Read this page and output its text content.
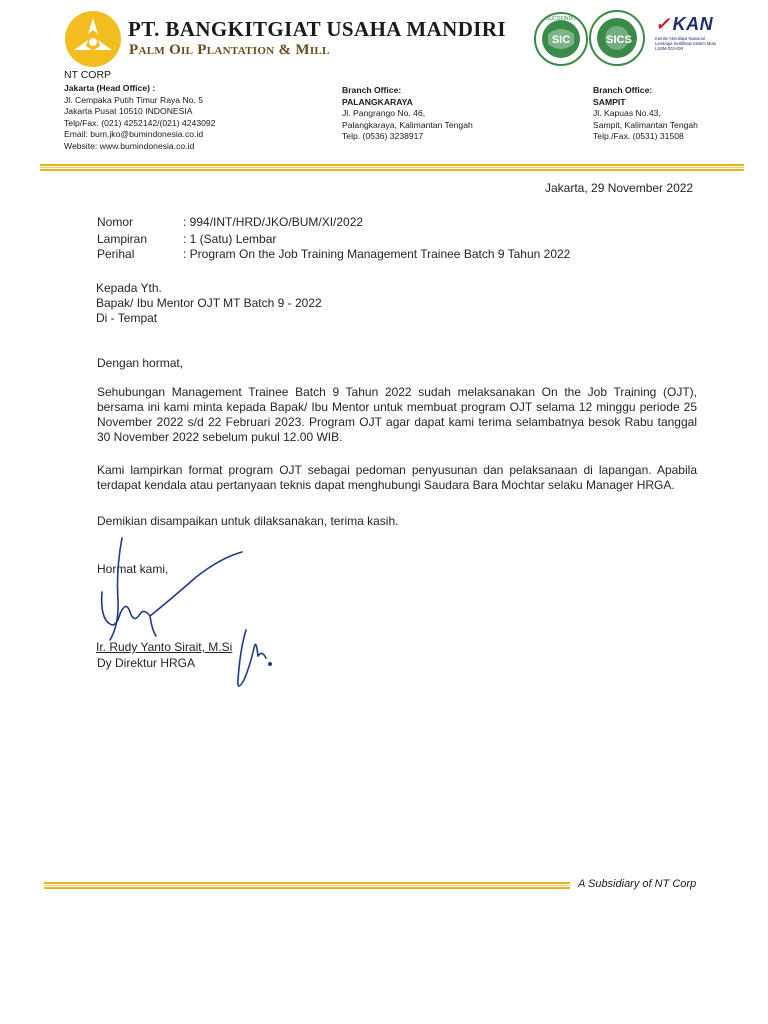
PT. BANGKITGIAT USAHA MANDIRI
Palm Oil Plantation & Mill
NT CORP
Jakarta (Head Office) :
Jl. Cempaka Putih Timur Raya No. 5
Jakarta Pusat 10510 INDONESIA
Telp/Fax. (021) 4252142/(021) 4243092
Email: bum.jko@bumindonesia.co.id
Website: www.bumindonesia.co.id
Branch Office:
PALANGKARAYA
Jl. Pangrango No. 46,
Palangkaraya, Kalimantan Tengah
Telp. (0536) 3238917
Branch Office:
SAMPIT
Jl. Kapuas No.43,
Sampit, Kalimantan Tengah
Telp./Fax. (0531) 31508
SIC
SUCOFINDO
SICS
✓ KAN
Komite Akreditasi Nasional
Lembaga Sertifikasi Sistem Mutu
LSSM-002-IDN
Jakarta, 29 November 2022
Nomor	: 994/INT/HRD/JKO/BUM/XI/2022
Lampiran	: 1 (Satu) Lembar
Perihal	: Program On the Job Training Management Trainee Batch 9 Tahun 2022
Kepada Yth.
Bapak/ Ibu Mentor OJT MT Batch 9 - 2022
Di - Tempat
Dengan hormat,
Sehubungan Management Trainee Batch 9 Tahun 2022 sudah melaksanakan On the Job Training (OJT), bersama ini kami minta kepada Bapak/ Ibu Mentor untuk membuat program OJT selama 12 minggu periode 25 November 2022 s/d 22 Februari 2023. Program OJT agar dapat kami terima selambatnya besok Rabu tanggal 30 November 2022 sebelum pukul 12.00 WIB.
Kami lampirkan format program OJT sebagai pedoman penyusunan dan pelaksanaan di lapangan. Apabila terdapat kendala atau pertanyaan teknis dapat menghubungi Saudara Bara Mochtar selaku Manager HRGA.
Demikian disampaikan untuk dilaksanakan, terima kasih.
Hormat kami,
Ir. Rudy Yanto Sirait, M.Si
Dy Direktur HRGA
A Subsidiary of NT Corp
